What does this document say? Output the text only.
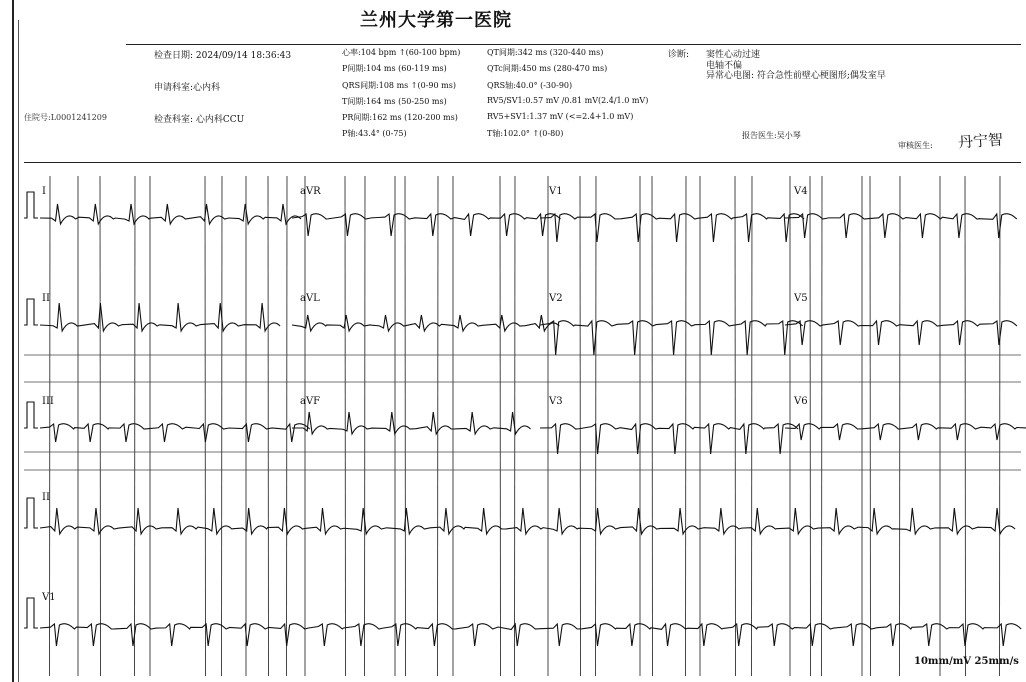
兰州大学第一医院
检查日期: 2024/09/14 18:36:43
申请科室:心内科
检查科室: 心内科CCU
住院号:L0001241209
心率:104 bpm ↑(60-100 bpm)
P间期:104 ms (60-119 ms)
QRS间期:108 ms ↑(0-90 ms)
T间期:164 ms (50-250 ms)
PR间期:162 ms (120-200 ms)
P轴:43.4° (0-75)
QT间期:342 ms (320-440 ms)
QTc间期:450 ms (280-470 ms)
QRS轴:40.0° (-30-90)
RV5/SV1:0.57 mV /0.81 mV(2.4/1.0 mV)
RV5+SV1:1.37 mV (<=2.4+1.0 mV)
T轴:102.0° ↑(0-80)
诊断: 窦性心动过速
电轴不偏
异常心电图: 符合急性前壁心梗图形;偶发室早
报告医生:吴小琴
审核医生: 丹宁智
I	aVR	V1	V4
II	aVL	V2	V5
III	aVF	V3	V6
II
V1
10mm/mV 25mm/s
